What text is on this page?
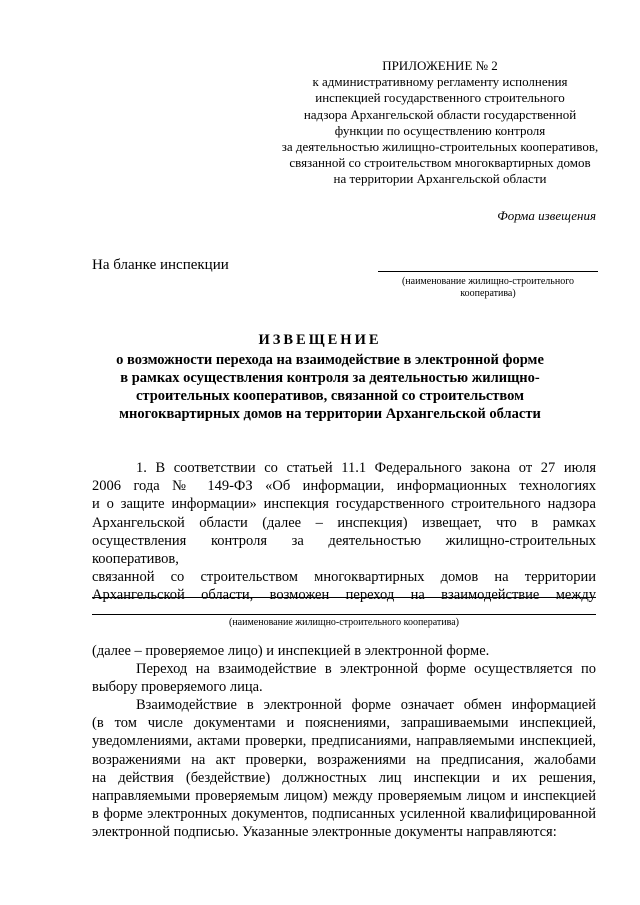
ПРИЛОЖЕНИЕ № 2
к административному регламенту исполнения
инспекцией государственного строительного
надзора Архангельской области государственной
функции по осуществлению контроля
за деятельностью жилищно-строительных кооперативов,
связанной со строительством многоквартирных домов
на территории Архангельской области
Форма извещения
На бланке инспекции
(наименование жилищно-строительного
кооператива)
ИЗВЕЩЕНИЕ
о возможности перехода на взаимодействие в электронной форме
в рамках осуществления контроля за деятельностью жилищно-
строительных кооперативов, связанной со строительством
многоквартирных домов на территории Архангельской области
1. В соответствии со статьей 11.1 Федерального закона от 27 июля
2006 года № 149-ФЗ «Об информации, информационных технологиях
и о защите информации» инспекция государственного строительного надзора
Архангельской области (далее – инспекция) извещает, что в рамках
осуществления контроля за деятельностью жилищно-строительных кооперативов,
связанной со строительством многоквартирных домов на территории
Архангельской области, возможен переход на взаимодействие между
(наименование жилищно-строительного кооператива)
(далее – проверяемое лицо) и инспекцией в электронной форме.
Переход на взаимодействие в электронной форме осуществляется по
выбору проверяемого лица.
Взаимодействие в электронной форме означает обмен информацией
(в том числе документами и пояснениями, запрашиваемыми инспекцией,
уведомлениями, актами проверки, предписаниями, направляемыми инспекцией,
возражениями на акт проверки, возражениями на предписания, жалобами
на действия (бездействие) должностных лиц инспекции и их решения,
направляемыми проверяемым лицом) между проверяемым лицом и инспекцией
в форме электронных документов, подписанных усиленной квалифицированной
электронной подписью. Указанные электронные документы направляются:
